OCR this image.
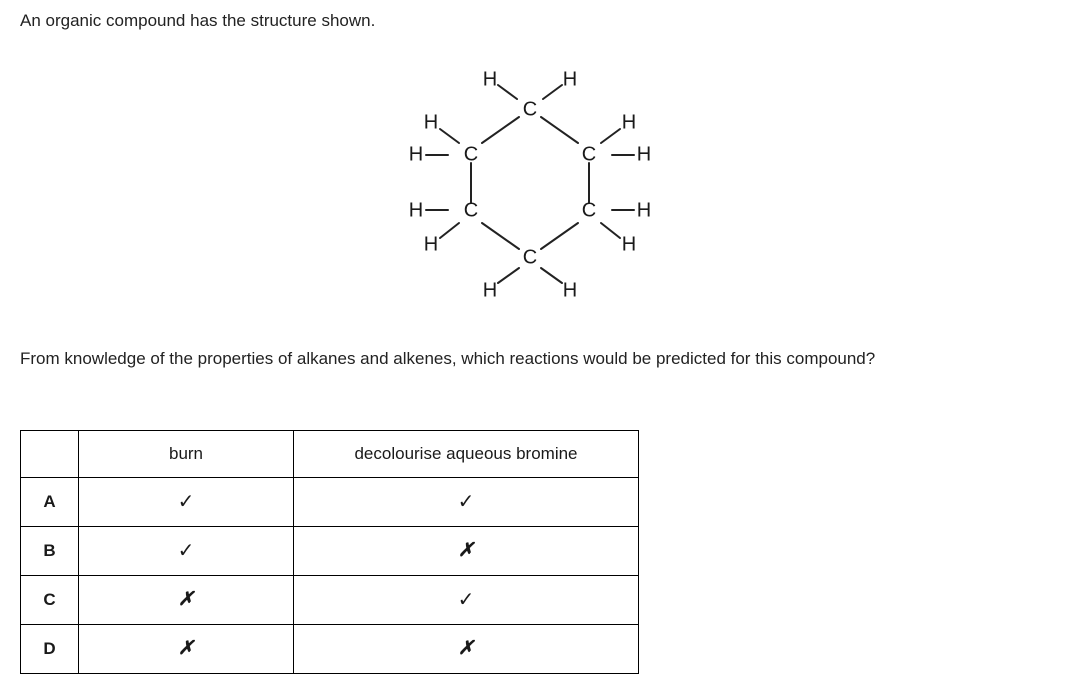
An organic compound has the structure shown.
C
C	C
C	C
C
H	H
H
H
H
H
H
H
H
H
H	H
From knowledge of the properties of alkanes and alkenes, which reactions would be predicted for this compound?
	burn	decolourise aqueous bromine
A	✓	✓
B	✓	✗
C	✗	✓
D	✗	✗
